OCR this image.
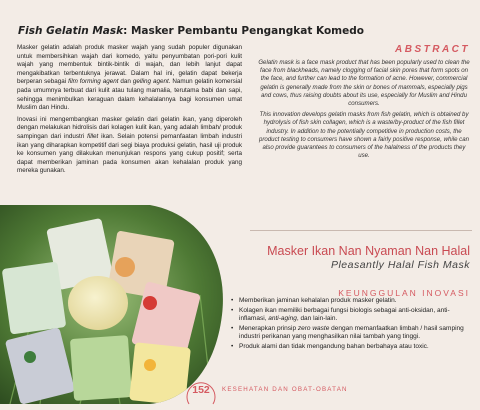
Fish Gelatin Mask: Masker Pembantu Pengangkat Komedo

Masker gelatin adalah produk masker wajah yang sudah populer digunakan untuk membersihkan wajah dari komedo, yaitu penyumbatan pori-pori kulit wajah yang membentuk bintik-bintik di wajah, dan lebih lanjut dapat mengakibatkan terbentuknya jerawat. Dalam hal ini, gelatin dapat bekerja berperan sebagai film forming agent dan gelling agent. Namun gelatin komersial pada umumnya terbuat dari kulit atau tulang mamalia, terutama babi dan sapi, sehingga menimbulkan keraguan dalam kehalalannya bagi konsumen umat Muslim dan Hindu.

Inovasi ini mengembangkan masker gelatin dari gelatin ikan, yang diperoleh dengan melakukan hidrolisis dari kolagen kulit ikan, yang adalah limbah/ produk sampingan dari industri fillet ikan. Selain potensi pemanfaatan limbah industri ikan yang diharapkan kompetitif dari segi biaya produksi gelatin, hasil uji produk ke konsumen yang dilakukan menunjukan respons yang cukup positif; serta dapat memberikan jaminan pada konsumen akan kehalalan produk yang mereka gunakan.

ABSTRACT

Gelatin mask is a face mask product that has been popularly used to clean the face from blackheads, namely clogging of facial skin pores that form spots on the face, and further can lead to the formation of acne. However, commercial gelatin is generally made from the skin or bones of mammals, especially pigs and cows, thus raising doubts about its use, especially for Muslim and Hindu consumers.

This innovation develops gelatin masks from fish gelatin, which is obtained by hydrolysis of fish skin collagen, which is a waste/by-product of the fish fillet industry. In addition to the potentially competitive in production costs, the product testing to consumers have shown a fairly positive response, while can also provide guarantees to consumers of the halalness of the products they use.

Masker Ikan Nan Nyaman Nan Halal
Pleasantly Halal Fish Mask
KEUNGGULAN INOVASI
• Memberikan jaminan kehalalan produk masker gelatin.
• Kolagen ikan memiliki berbagai fungsi biologis sebagai anti-oksidan, anti-inflamasi, anti-aging, dan lain-lain.
• Menerapkan prinsip zero waste dengan memanfaatkan limbah / hasil samping industri perikanan yang menghasilkan nilai tambah yang tinggi.
• Produk alami dan tidak mengandung bahan berbahaya atau toxic.
152	KESEHATAN DAN OBAT-OBATAN
